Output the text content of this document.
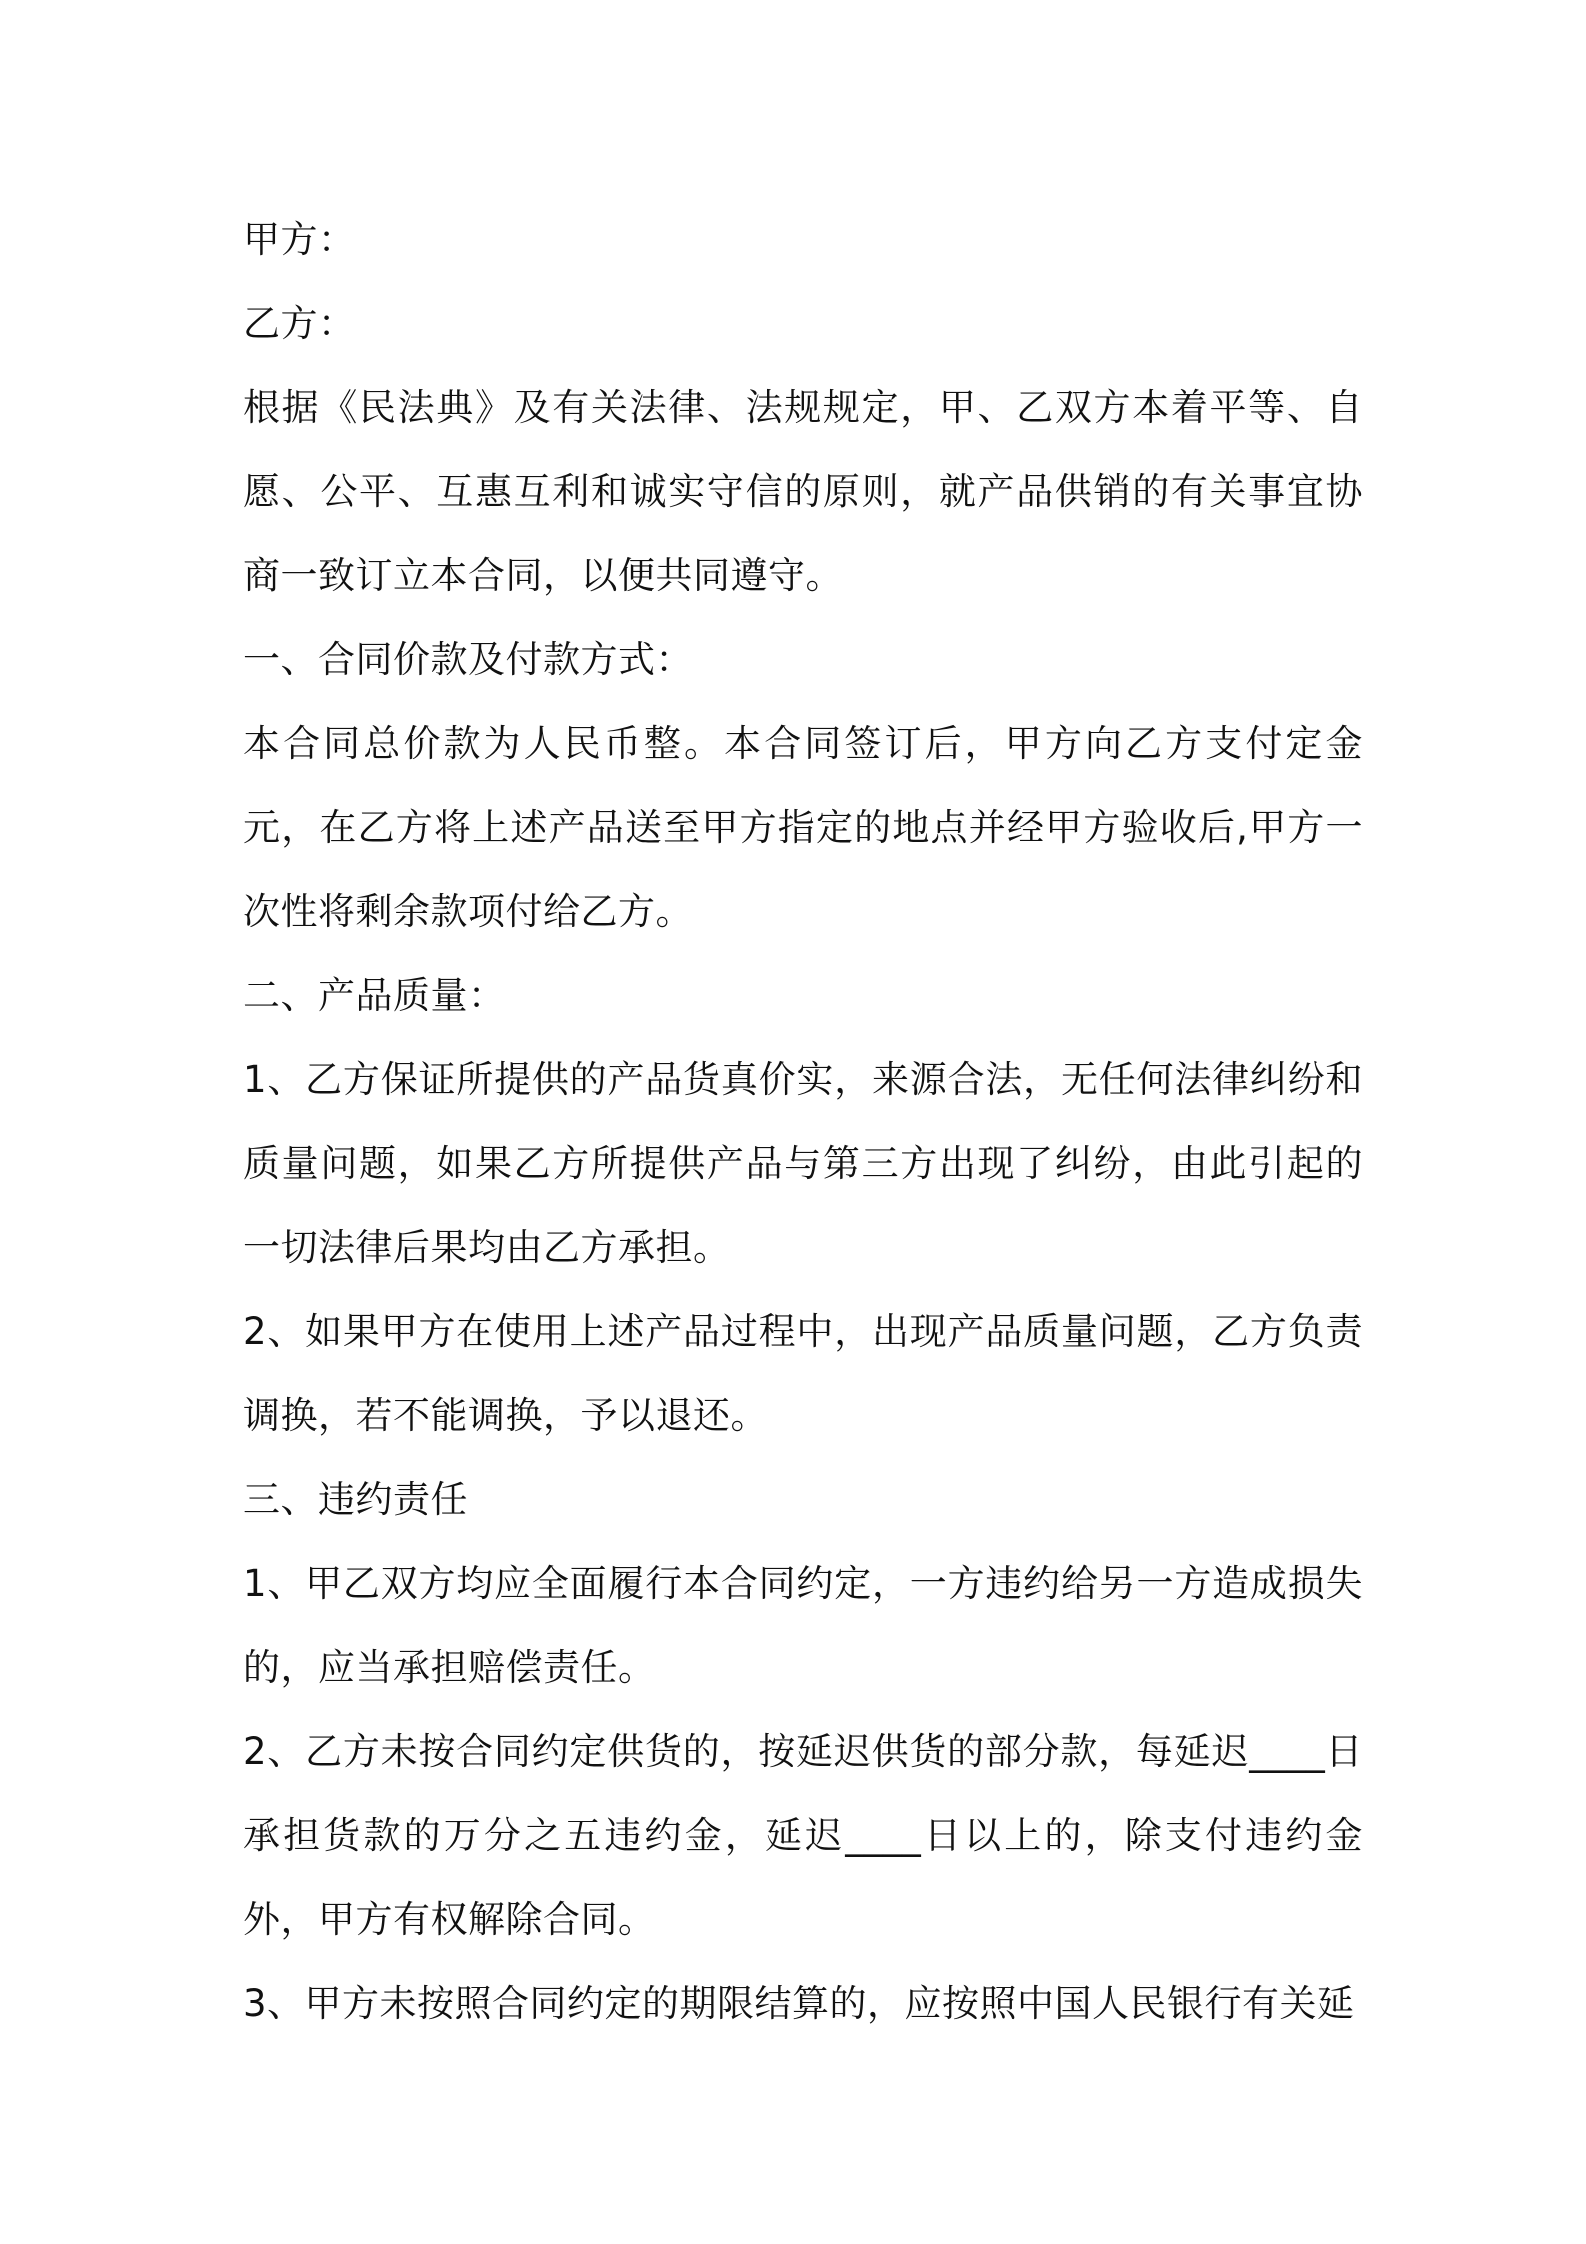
甲方：

乙方：

根据《民法典》及有关法律、法规规定，甲、乙双方本着平等、自愿、公平、互惠互利和诚实守信的原则，就产品供销的有关事宜协商一致订立本合同，以便共同遵守。

一、合同价款及付款方式：

本合同总价款为人民币整。本合同签订后，甲方向乙方支付定金元，在乙方将上述产品送至甲方指定的地点并经甲方验收后,甲方一次性将剩余款项付给乙方。

二、产品质量：

1、乙方保证所提供的产品货真价实，来源合法，无任何法律纠纷和质量问题，如果乙方所提供产品与第三方出现了纠纷，由此引起的一切法律后果均由乙方承担。

2、如果甲方在使用上述产品过程中，出现产品质量问题，乙方负责调换，若不能调换，予以退还。

三、违约责任

1、甲乙双方均应全面履行本合同约定，一方违约给另一方造成损失的，应当承担赔偿责任。

2、乙方未按合同约定供货的，按延迟供货的部分款，每延迟____日承担货款的万分之五违约金，延迟____日以上的，除支付违约金外，甲方有权解除合同。

3、甲方未按照合同约定的期限结算的，应按照中国人民银行有关延
